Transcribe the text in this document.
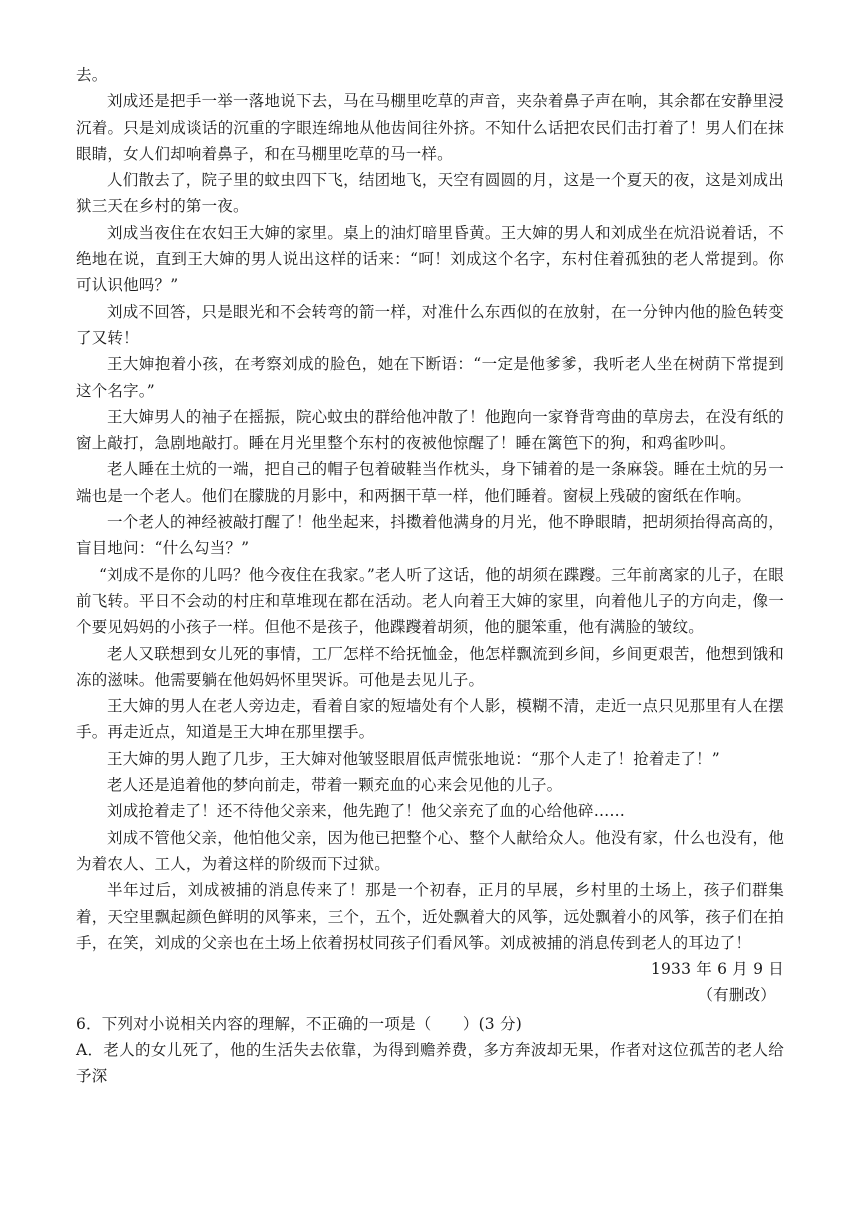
去。

刘成还是把手一举一落地说下去，马在马棚里吃草的声音，夹杂着鼻子声在响，其余都在安静里浸沉着。只是刘成谈话的沉重的字眼连绵地从他齿间往外挤。不知什么话把农民们击打着了！男人们在抹眼睛，女人们却响着鼻子，和在马棚里吃草的马一样。

人们散去了，院子里的蚊虫四下飞，结团地飞，天空有圆圆的月，这是一个夏天的夜，这是刘成出狱三天在乡村的第一夜。

刘成当夜住在农妇王大婶的家里。桌上的油灯暗里昏黄。王大婶的男人和刘成坐在炕沿说着话，不绝地在说，直到王大婶的男人说出这样的话来：“呵！刘成这个名字，东村住着孤独的老人常提到。你可认识他吗？”

刘成不回答，只是眼光和不会转弯的箭一样，对准什么东西似的在放射，在一分钟内他的脸色转变了又转！

王大婶抱着小孩，在考察刘成的脸色，她在下断语：“一定是他爹爹，我听老人坐在树荫下常提到这个名字。”

王大婶男人的袖子在摇振，院心蚊虫的群给他冲散了！他跑向一家脊背弯曲的草房去，在没有纸的窗上敲打，急剧地敲打。睡在月光里整个东村的夜被他惊醒了！睡在篱笆下的狗，和鸡雀吵叫。

老人睡在土炕的一端，把自己的帽子包着破鞋当作枕头，身下铺着的是一条麻袋。睡在土炕的另一端也是一个老人。他们在朦胧的月影中，和两捆干草一样，他们睡着。窗棂上残破的窗纸在作响。

一个老人的神经被敲打醒了！他坐起来，抖擞着他满身的月光，他不睁眼睛，把胡须抬得高高的，盲目地问：“什么勾当？”

“刘成不是你的儿吗？他今夜住在我家。”老人听了这话，他的胡须在蹀躞。三年前离家的儿子，在眼前飞转。平日不会动的村庄和草堆现在都在活动。老人向着王大婶的家里，向着他儿子的方向走，像一个要见妈妈的小孩子一样。但他不是孩子，他蹀躞着胡须，他的腿笨重，他有满脸的皱纹。

老人又联想到女儿死的事情，工厂怎样不给抚恤金，他怎样飘流到乡间，乡间更艰苦，他想到饿和冻的滋味。他需要躺在他妈妈怀里哭诉。可他是去见儿子。

王大婶的男人在老人旁边走，看着自家的短墙处有个人影，模糊不清，走近一点只见那里有人在摆手。再走近点，知道是王大坤在那里摆手。

王大婶的男人跑了几步，王大婶对他皱竖眼眉低声慌张地说：“那个人走了！抢着走了！”

老人还是追着他的梦向前走，带着一颗充血的心来会见他的儿子。

刘成抢着走了！还不待他父亲来，他先跑了！他父亲充了血的心给他碎……

刘成不管他父亲，他怕他父亲，因为他已把整个心、整个人献给众人。他没有家，什么也没有，他为着农人、工人，为着这样的阶级而下过狱。

半年过后，刘成被捕的消息传来了！那是一个初春，正月的早展，乡村里的土场上，孩子们群集着，天空里飘起颜色鲜明的风筝来，三个，五个，近处飘着大的风筝，远处飘着小的风筝，孩子们在拍手，在笑，刘成的父亲也在土场上依着拐杖同孩子们看风筝。刘成被捕的消息传到老人的耳边了！

1933 年 6 月 9 日

（有删改）

6．下列对小说相关内容的理解，不正确的一项是（　　）(3 分)

A．老人的女儿死了，他的生活失去依靠，为得到赡养费，多方奔波却无果，作者对这位孤苦的老人给予深
